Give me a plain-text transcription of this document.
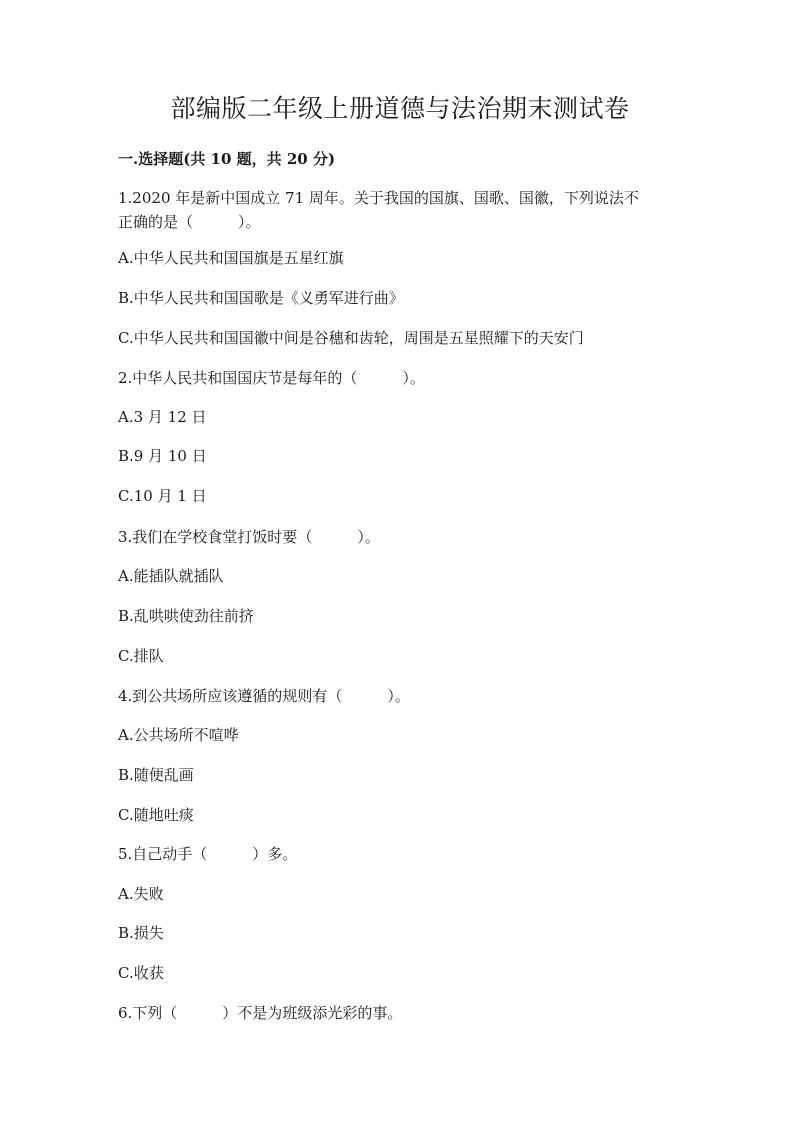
部编版二年级上册道德与法治期末测试卷
一.选择题(共 10 题，共 20 分)

1.2020 年是新中国成立 71 周年。关于我国的国旗、国歌、国徽，下列说法不

正确的是（　　　）。

A.中华人民共和国国旗是五星红旗

B.中华人民共和国国歌是《义勇军进行曲》

C.中华人民共和国国徽中间是谷穗和齿轮，周围是五星照耀下的天安门

2.中华人民共和国国庆节是每年的（　　　）。

A.3 月 12 日

B.9 月 10 日

C.10 月 1 日

3.我们在学校食堂打饭时要（　　　）。

A.能插队就插队

B.乱哄哄使劲往前挤

C.排队

4.到公共场所应该遵循的规则有（　　　）。

A.公共场所不喧哗

B.随便乱画

C.随地吐痰

5.自己动手（　　　）多。

A.失败

B.损失

C.收获

6.下列（　　　）不是为班级添光彩的事。
